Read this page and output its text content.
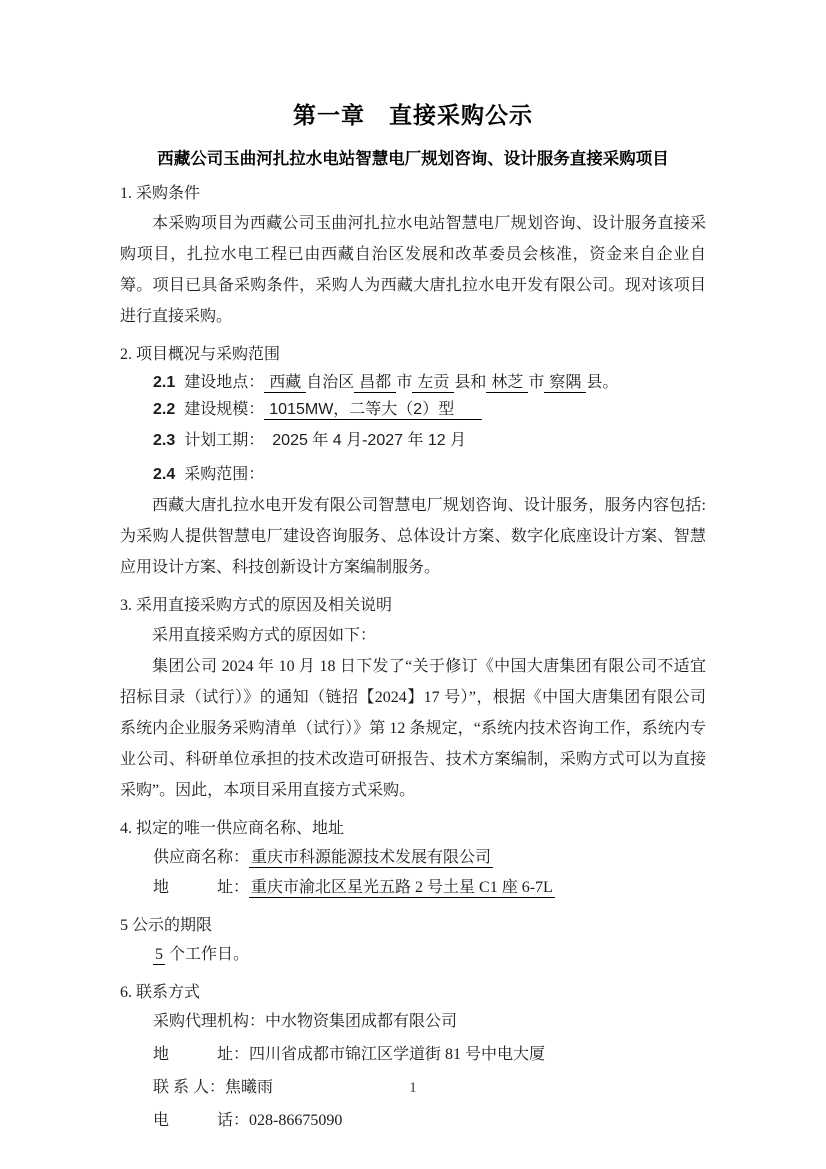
第一章　直接采购公示
西藏公司玉曲河扎拉水电站智慧电厂规划咨询、设计服务直接采购项目
1. 采购条件

本采购项目为西藏公司玉曲河扎拉水电站智慧电厂规划咨询、设计服务直接采购项目，扎拉水电工程已由西藏自治区发展和改革委员会核准，资金来自企业自筹。项目已具备采购条件，采购人为西藏大唐扎拉水电开发有限公司。现对该项目进行直接采购。

2. 项目概况与采购范围
2.1 建设地点： 西藏 自治区 昌都 市 左贡 县和 林芝 市 察隅 县。
2.2 建设规模： 1015MW，二等大（2）型
2.3 计划工期：　2025 年 4 月-2027 年 12 月
2.4 采购范围：

西藏大唐扎拉水电开发有限公司智慧电厂规划咨询、设计服务，服务内容包括: 为采购人提供智慧电厂建设咨询服务、总体设计方案、数字化底座设计方案、智慧应用设计方案、科技创新设计方案编制服务。

3. 采用直接采购方式的原因及相关说明

采用直接采购方式的原因如下：

集团公司 2024 年 10 月 18 日下发了“关于修订《中国大唐集团有限公司不适宜招标目录（试行）》的通知（链招【2024】17 号）”，根据《中国大唐集团有限公司系统内企业服务采购清单（试行）》第 12 条规定，“系统内技术咨询工作，系统内专业公司、科研单位承担的技术改造可研报告、技术方案编制，采购方式可以为直接采购”。因此，本项目采用直接方式采购。

4. 拟定的唯一供应商名称、地址
供应商名称： 重庆市科源能源技术发展有限公司
地　　　址： 重庆市渝北区星光五路 2 号土星 C1 座 6-7L
5 公示的期限
5 个工作日。
6. 联系方式
采购代理机构：中水物资集团成都有限公司
地　　　址：四川省成都市锦江区学道街 81 号中电大厦
联 系 人：焦曦雨
电　　　话：028-86675090
1
